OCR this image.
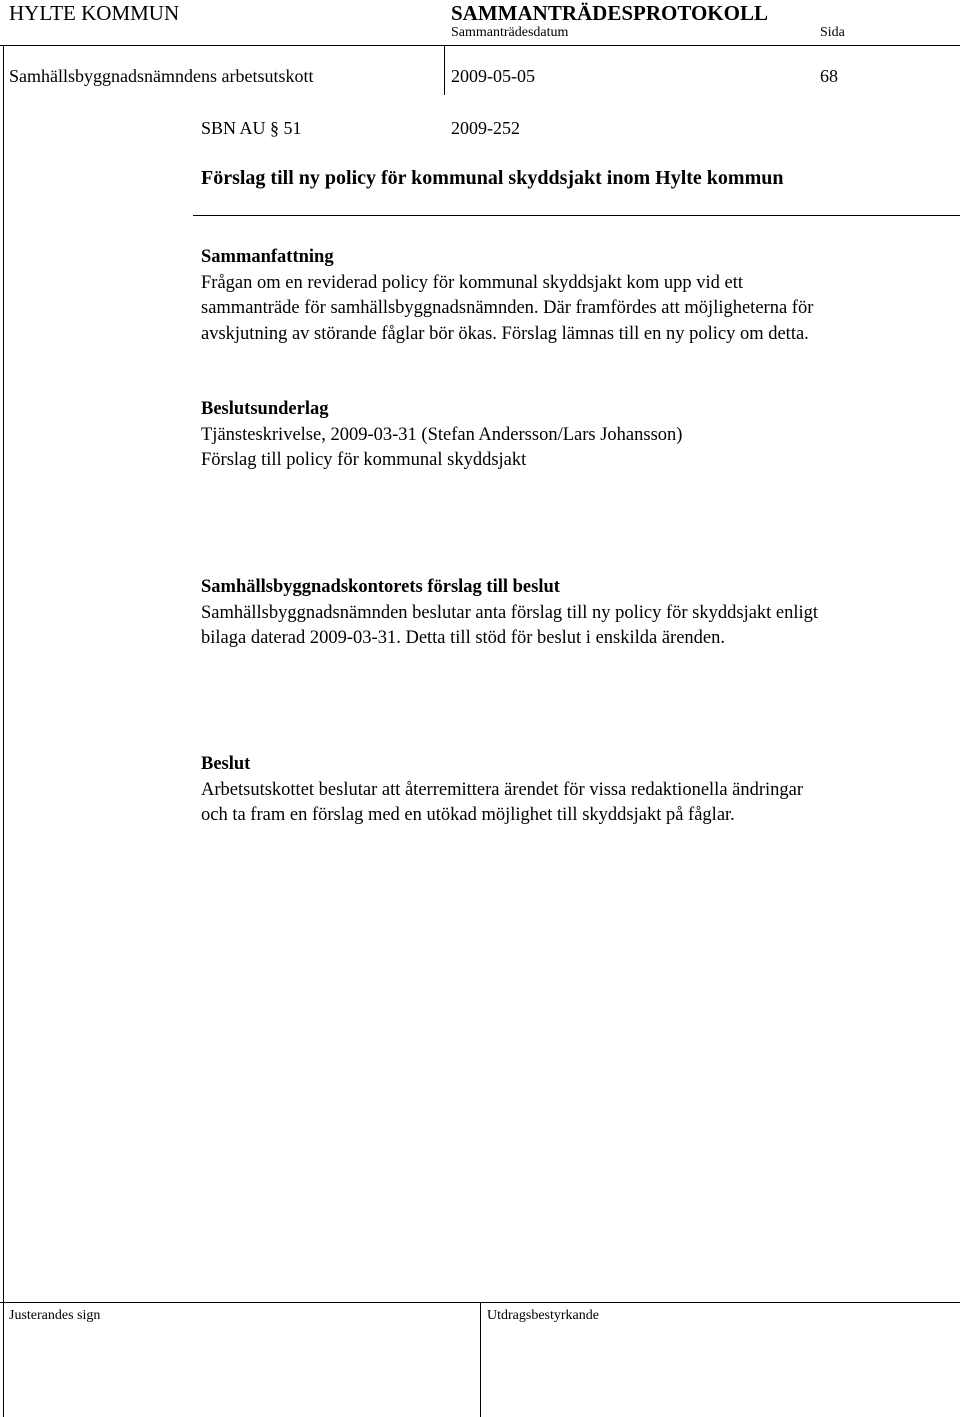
HYLTE KOMMUN	SAMMANTRÄDESPROTOKOLL
Sammanträdesdatum	Sida
Samhällsbyggnadsnämndens arbetsutskott	2009-05-05	68
SBN AU § 51	2009-252
Förslag till ny policy för kommunal skyddsjakt inom Hylte kommun
Sammanfattning
Frågan om en reviderad policy för kommunal skyddsjakt kom upp vid ett
sammanträde för samhällsbyggnadsnämnden. Där framfördes att möjligheterna för
avskjutning av störande fåglar bör ökas. Förslag lämnas till en ny policy om detta.
Beslutsunderlag
Tjänsteskrivelse, 2009-03-31 (Stefan Andersson/Lars Johansson)
Förslag till policy för kommunal skyddsjakt
Samhällsbyggnadskontorets förslag till beslut
Samhällsbyggnadsnämnden beslutar anta förslag till ny policy för skyddsjakt enligt
bilaga daterad 2009-03-31. Detta till stöd för beslut i enskilda ärenden.
Beslut
Arbetsutskottet beslutar att återremittera ärendet för vissa redaktionella ändringar
och ta fram en förslag med en utökad möjlighet till skyddsjakt på fåglar.
Justerandes sign	Utdragsbestyrkande
